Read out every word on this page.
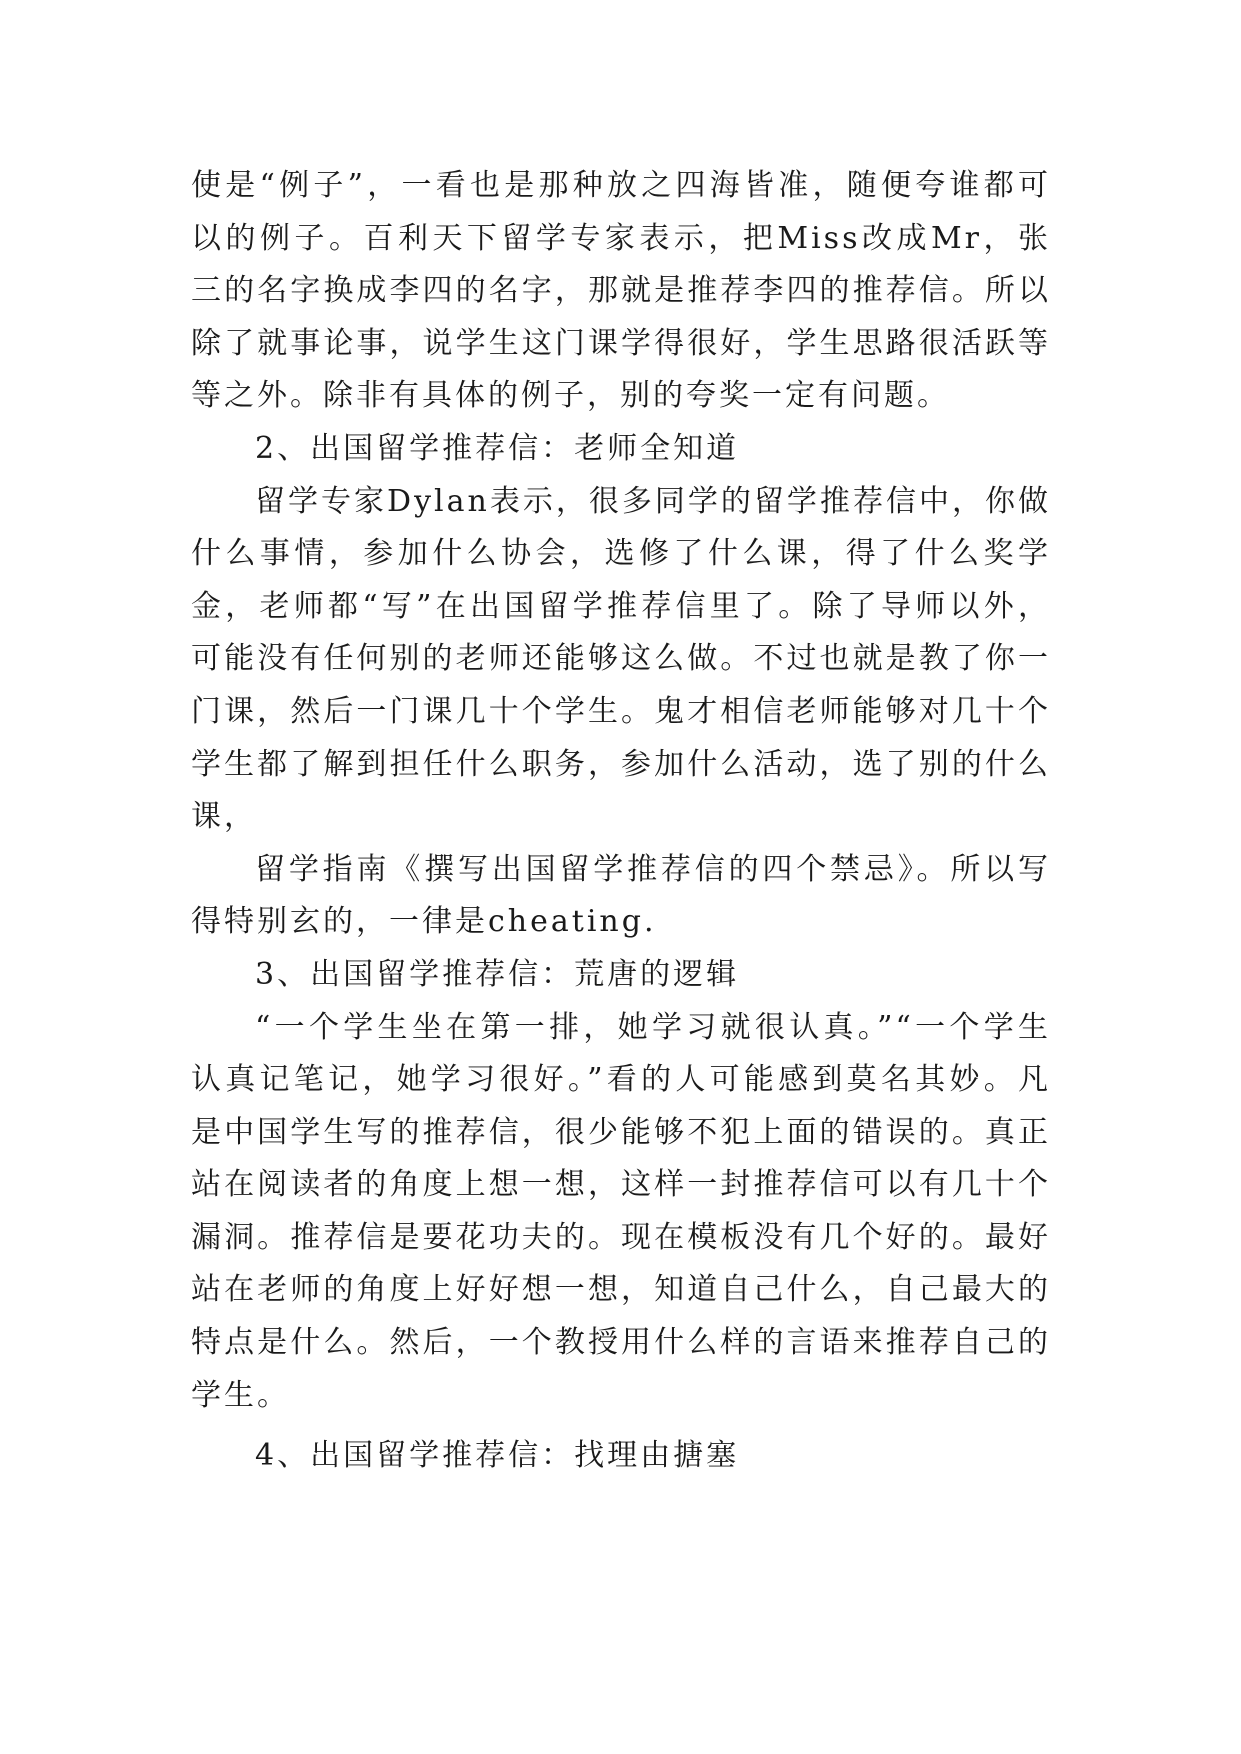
使是“例子”，一看也是那种放之四海皆准，随便夸谁都可以的例子。百利天下留学专家表示，把Miss改成Mr，张三的名字换成李四的名字，那就是推荐李四的推荐信。所以除了就事论事，说学生这门课学得很好，学生思路很活跃等等之外。除非有具体的例子，别的夸奖一定有问题。

2、出国留学推荐信：老师全知道

留学专家Dylan表示，很多同学的留学推荐信中，你做什么事情，参加什么协会，选修了什么课，得了什么奖学金，老师都“写”在出国留学推荐信里了。除了导师以外，可能没有任何别的老师还能够这么做。不过也就是教了你一门课，然后一门课几十个学生。鬼才相信老师能够对几十个学生都了解到担任什么职务，参加什么活动，选了别的什么课，

留学指南《撰写出国留学推荐信的四个禁忌》。所以写得特别玄的，一律是cheating.

3、出国留学推荐信：荒唐的逻辑

“一个学生坐在第一排，她学习就很认真。”“一个学生认真记笔记，她学习很好。”看的人可能感到莫名其妙。凡是中国学生写的推荐信，很少能够不犯上面的错误的。真正站在阅读者的角度上想一想，这样一封推荐信可以有几十个漏洞。推荐信是要花功夫的。现在模板没有几个好的。最好站在老师的角度上好好想一想，知道自己什么，自己最大的特点是什么。然后，一个教授用什么样的言语来推荐自己的学生。

4、出国留学推荐信：找理由搪塞
